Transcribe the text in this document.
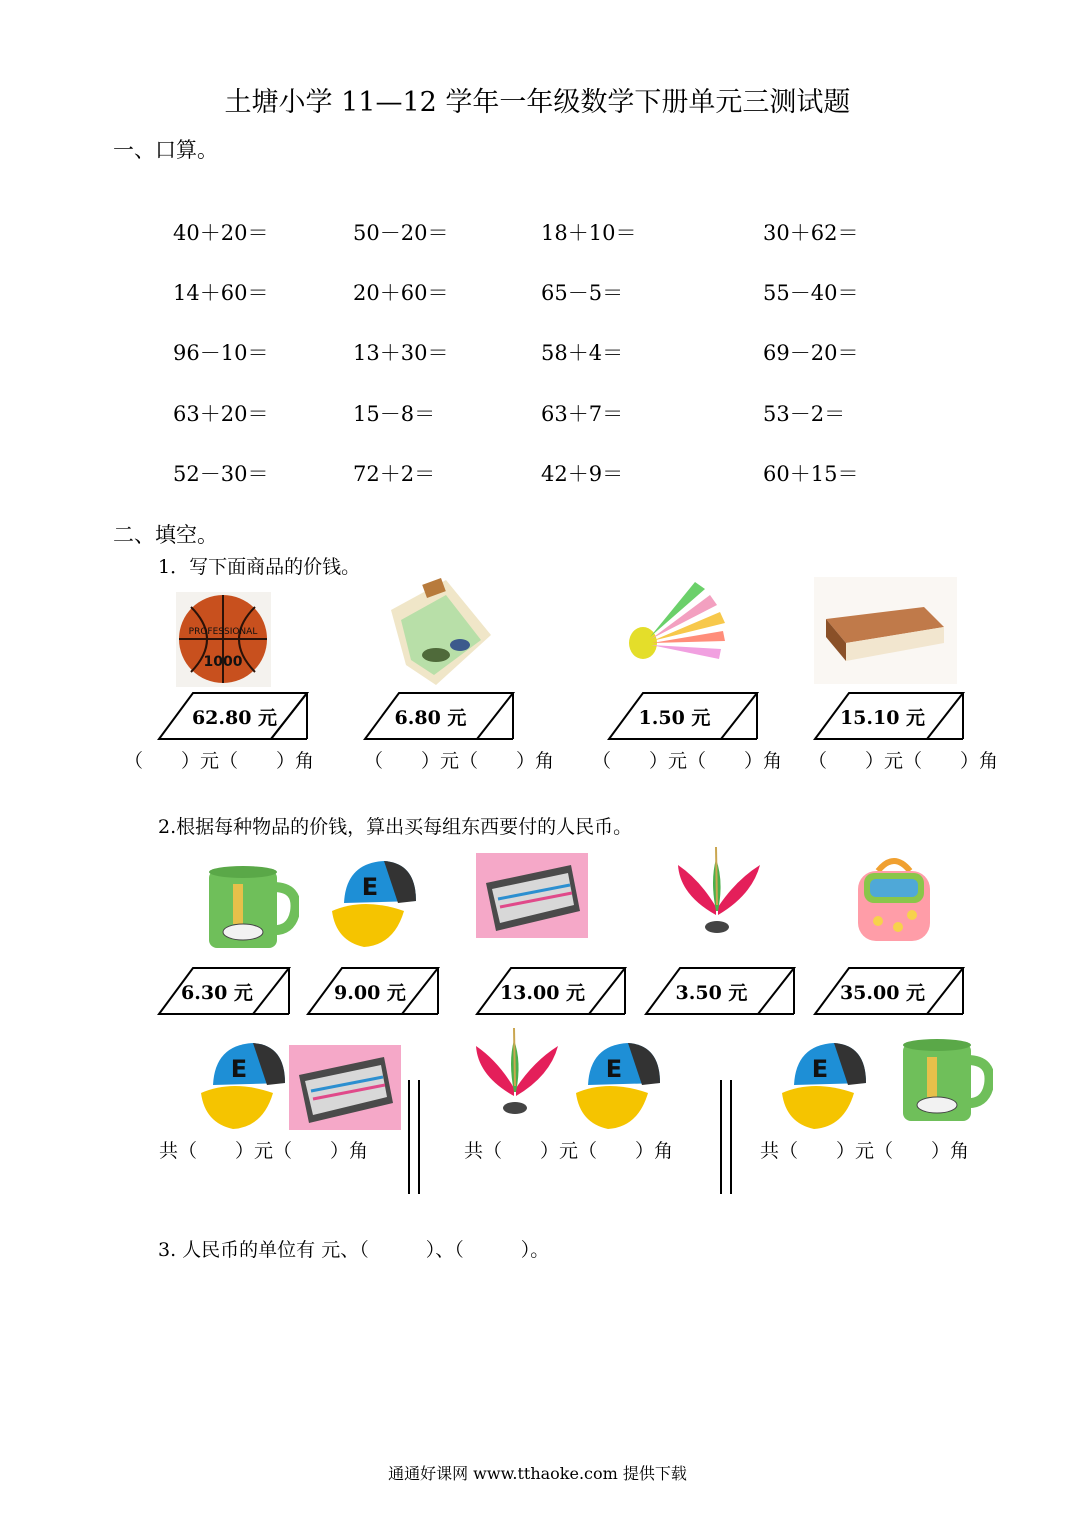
土塘小学 11—12 学年一年级数学下册单元三测试题
一、口算。
40＋20＝	50－20＝	18＋10＝	30＋62＝
14＋60＝	20＋60＝	65－5＝	55－40＝
96－10＝	13＋30＝	58＋4＝	69－20＝
63＋20＝	15－8＝	63＋7＝	53－2＝
52－30＝	72＋2＝	42＋9＝	60＋15＝
二、填空。
1．写下面商品的价钱。
PROFESSIONAL
1000
62.80 元	6.80 元	1.50 元	15.10 元
（　　）元（　　）角	（　　）元（　　）角 （　　）元（　　）角 （　　）元（　　）角
2.根据每种物品的价钱，算出买每组东西要付的人民币。
E
6.30 元	9.00 元	13.00 元	3.50 元	35.00 元
E	E	E
共（　　）元（　　）角	共（　　）元（　　）角	共（　　）元（　　）角
3. 人民币的单位有 元、（　　　）、（　　　）。
通通好课网 www.tthaoke.com 提供下载
